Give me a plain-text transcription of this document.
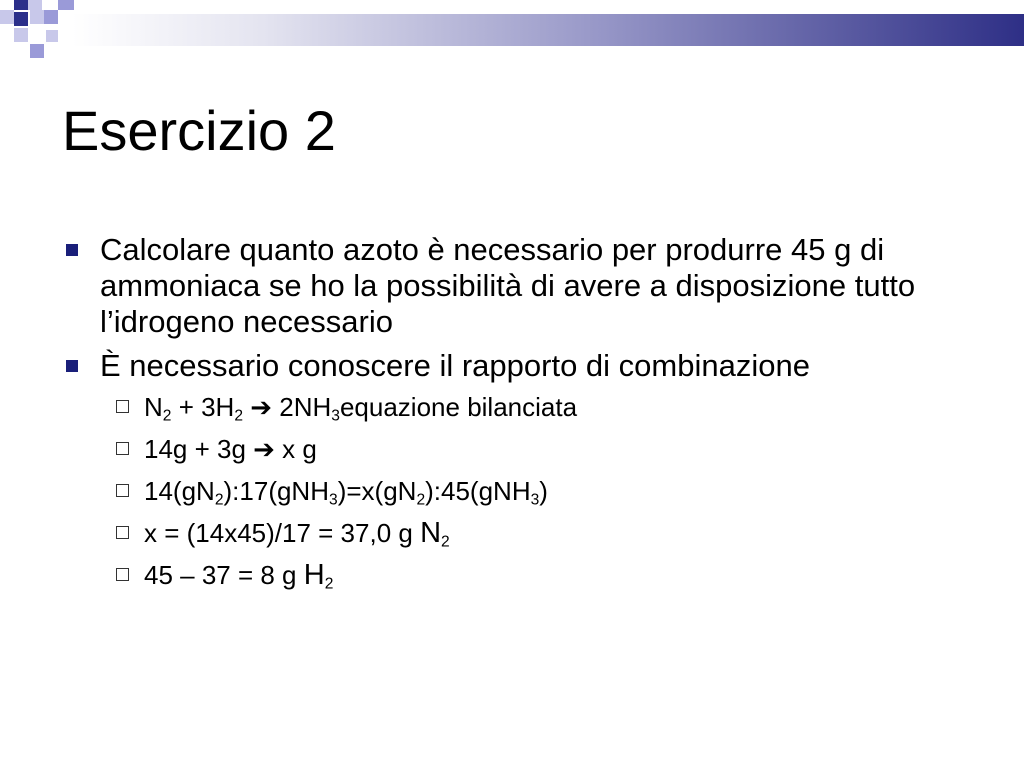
Esercizio 2
Calcolare quanto azoto è necessario per produrre 45 g di ammoniaca se ho la possibilità di avere a disposizione tutto l’idrogeno necessario
È necessario conoscere il rapporto di combinazione
$N_2 + 3H_2$ ➔ $2NH_3equazione$ bilanciata
14g + 3g ➔ x g
$14(gN_2):17(gNH_3)=x(gN_2):45(gNH_3)$
x = (14x45)/17 = 37,0 g $N_2$
45 – 37 = 8 g $H_2$
